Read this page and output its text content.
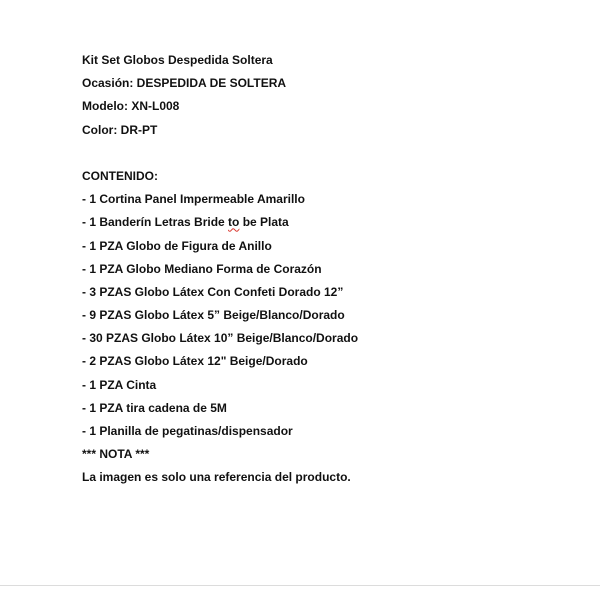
Kit Set Globos Despedida Soltera
Ocasión: DESPEDIDA DE SOLTERA
Modelo: XN-L008
Color: DR-PT
CONTENIDO:
- 1 Cortina Panel Impermeable Amarillo
- 1 Banderín Letras Bride to be Plata
- 1 PZA Globo de Figura de Anillo
- 1 PZA Globo Mediano Forma de Corazón
- 3 PZAS Globo Látex Con Confeti Dorado 12”
- 9 PZAS Globo Látex 5” Beige/Blanco/Dorado
- 30 PZAS Globo Látex 10” Beige/Blanco/Dorado
- 2 PZAS Globo Látex 12" Beige/Dorado
- 1 PZA Cinta
- 1 PZA tira cadena de 5M
- 1 Planilla de pegatinas/dispensador
*** NOTA ***
La imagen es solo una referencia del producto.
